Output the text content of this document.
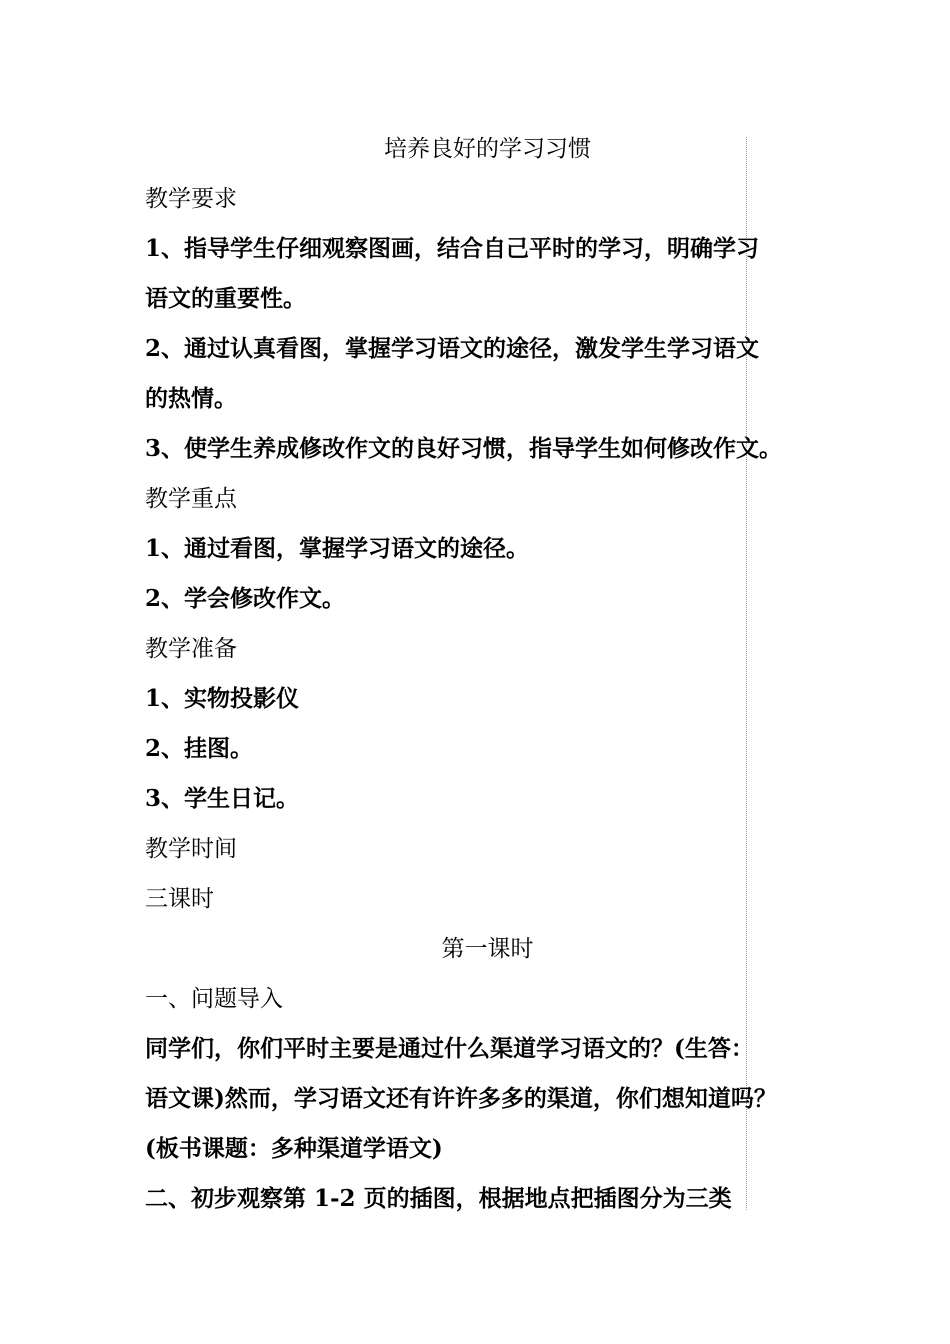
培养良好的学习习惯
教学要求
1、指导学生仔细观察图画，结合自己平时的学习，明确学习
语文的重要性。
2、通过认真看图，掌握学习语文的途径，激发学生学习语文
的热情。
3、使学生养成修改作文的良好习惯，指导学生如何修改作文。
教学重点
1、通过看图，掌握学习语文的途径。
2、学会修改作文。
教学准备
1、实物投影仪
2、挂图。
3、学生日记。
教学时间
三课时
第一课时
一、问题导入
同学们，你们平时主要是通过什么渠道学习语文的？(生答：
语文课)然而，学习语文还有许许多多的渠道，你们想知道吗？
(板书课题：多种渠道学语文)
二、初步观察第 1-2 页的插图，根据地点把插图分为三类
